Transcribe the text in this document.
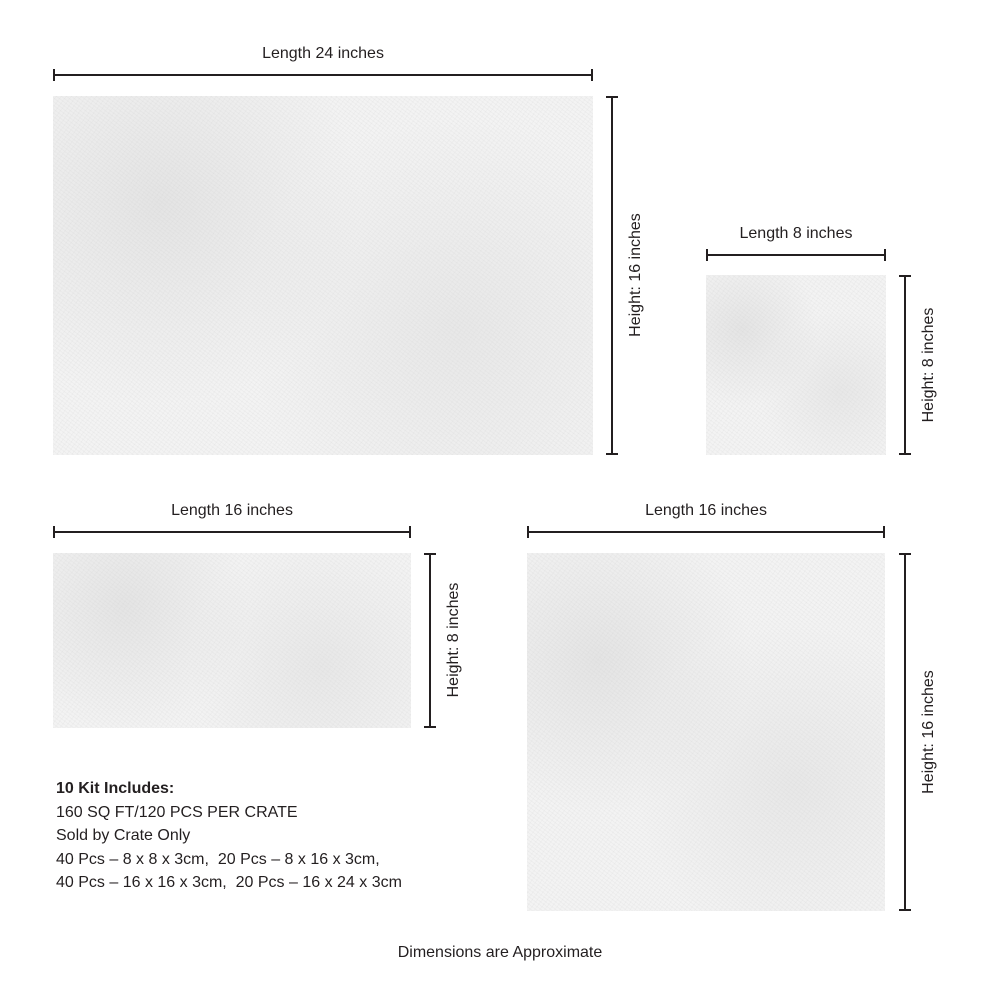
Length 24 inches
Height: 16 inches	Length 8 inches
Height: 8 inches
Length 16 inches
Height: 8 inches
Length 16 inches
Height: 16 inches
10 Kit Includes:
160 SQ FT/120 PCS PER CRATE
Sold by Crate Only
40 Pcs – 8 x 8 x 3cm,  20 Pcs – 8 x 16 x 3cm,
40 Pcs – 16 x 16 x 3cm,  20 Pcs – 16 x 24 x 3cm
Dimensions are Approximate
